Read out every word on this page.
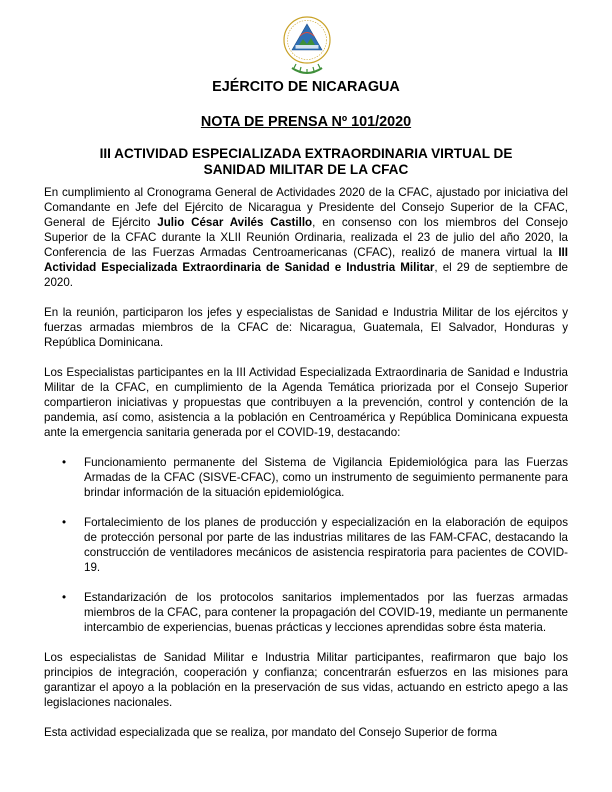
EJÉRCITO DE NICARAGUA
NOTA DE PRENSA Nº 101/2020
III ACTIVIDAD ESPECIALIZADA EXTRAORDINARIA VIRTUAL DE
SANIDAD MILITAR DE LA CFAC

En cumplimiento al Cronograma General de Actividades 2020 de la CFAC, ajustado por iniciativa del Comandante en Jefe del Ejército de Nicaragua y Presidente del Consejo Superior de la CFAC, General de Ejército Julio César Avilés Castillo, en consenso con los miembros del Consejo Superior de la CFAC durante la XLII Reunión Ordinaria, realizada el 23 de julio del año 2020, la Conferencia de las Fuerzas Armadas Centroamericanas (CFAC), realizó de manera virtual la III Actividad Especializada Extraordinaria de Sanidad e Industria Militar, el 29 de septiembre de 2020.

En la reunión, participaron los jefes y especialistas de Sanidad e Industria Militar de los ejércitos y fuerzas armadas miembros de la CFAC de: Nicaragua, Guatemala, El Salvador, Honduras y República Dominicana.

Los Especialistas participantes en la III Actividad Especializada Extraordinaria de Sanidad e Industria Militar de la CFAC, en cumplimiento de la Agenda Temática priorizada por el Consejo Superior compartieron iniciativas y propuestas que contribuyen a la prevención, control y contención de la pandemia, así como, asistencia a la población en Centroamérica y República Dominicana expuesta ante la emergencia sanitaria generada por el COVID-19, destacando:

• Funcionamiento permanente del Sistema de Vigilancia Epidemiológica para las Fuerzas Armadas de la CFAC (SISVE-CFAC), como un instrumento de seguimiento permanente para brindar información de la situación epidemiológica.
• Fortalecimiento de los planes de producción y especialización en la elaboración de equipos de protección personal por parte de las industrias militares de las FAM-CFAC, destacando la construcción de ventiladores mecánicos de asistencia respiratoria para pacientes de COVID-19.
• Estandarización de los protocolos sanitarios implementados por las fuerzas armadas miembros de la CFAC, para contener la propagación del COVID-19, mediante un permanente intercambio de experiencias, buenas prácticas y lecciones aprendidas sobre ésta materia.

Los especialistas de Sanidad Militar e Industria Militar participantes, reafirmaron que bajo los principios de integración, cooperación y confianza; concentrarán esfuerzos en las misiones para garantizar el apoyo a la población en la preservación de sus vidas, actuando en estricto apego a las legislaciones nacionales.

Esta actividad especializada que se realiza, por mandato del Consejo Superior de forma
